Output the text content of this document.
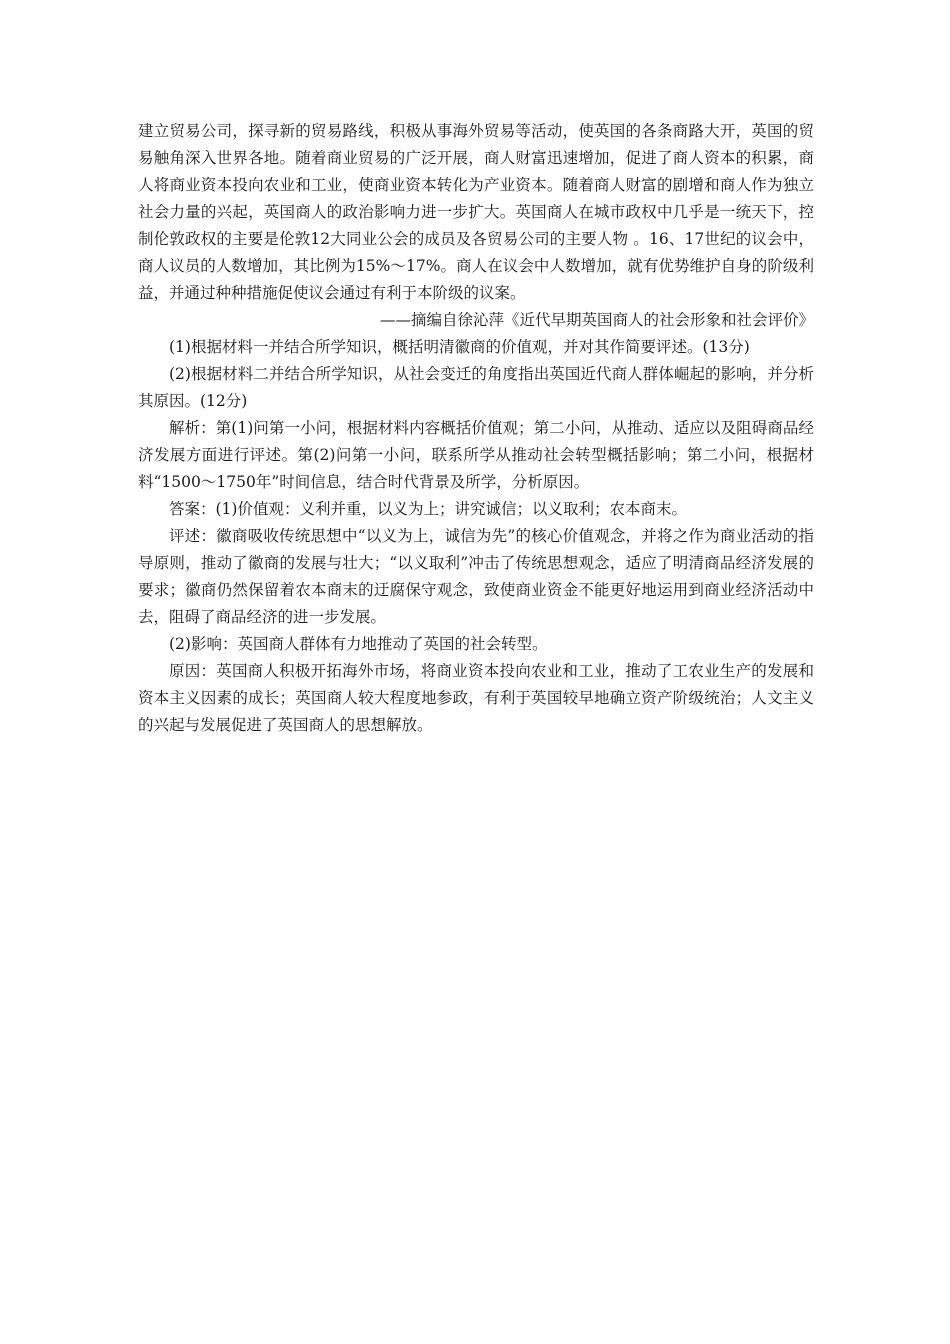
建立贸易公司，探寻新的贸易路线，积极从事海外贸易等活动，使英国的各条商路大开，英国的贸易触角深入世界各地。随着商业贸易的广泛开展，商人财富迅速增加，促进了商人资本的积累，商人将商业资本投向农业和工业，使商业资本转化为产业资本。随着商人财富的剧增和商人作为独立社会力量的兴起，英国商人的政治影响力进一步扩大。英国商人在城市政权中几乎是一统天下，控制伦敦政权的主要是伦敦12大同业公会的成员及各贸易公司的主要人物 。16、17世纪的议会中，商人议员的人数增加，其比例为15%～17%。商人在议会中人数增加，就有优势维护自身的阶级利益，并通过种种措施促使议会通过有利于本阶级的议案。

——摘编自徐沁萍《近代早期英国商人的社会形象和社会评价》

(1)根据材料一并结合所学知识，概括明清徽商的价值观，并对其作简要评述。(13分)

(2)根据材料二并结合所学知识，从社会变迁的角度指出英国近代商人群体崛起的影响，并分析其原因。(12分)

解析：第(1)问第一小问，根据材料内容概括价值观；第二小问，从推动、适应以及阻碍商品经济发展方面进行评述。第(2)问第一小问，联系所学从推动社会转型概括影响；第二小问，根据材料“1500～1750年”时间信息，结合时代背景及所学，分析原因。

答案：(1)价值观：义利并重，以义为上；讲究诚信；以义取利；农本商末。

评述：徽商吸收传统思想中“以义为上，诚信为先”的核心价值观念，并将之作为商业活动的指导原则，推动了徽商的发展与壮大；“以义取利”冲击了传统思想观念，适应了明清商品经济发展的要求；徽商仍然保留着农本商末的迂腐保守观念，致使商业资金不能更好地运用到商业经济活动中去，阻碍了商品经济的进一步发展。

(2)影响：英国商人群体有力地推动了英国的社会转型。

原因：英国商人积极开拓海外市场，将商业资本投向农业和工业，推动了工农业生产的发展和资本主义因素的成长；英国商人较大程度地参政，有利于英国较早地确立资产阶级统治；人文主义的兴起与发展促进了英国商人的思想解放。
